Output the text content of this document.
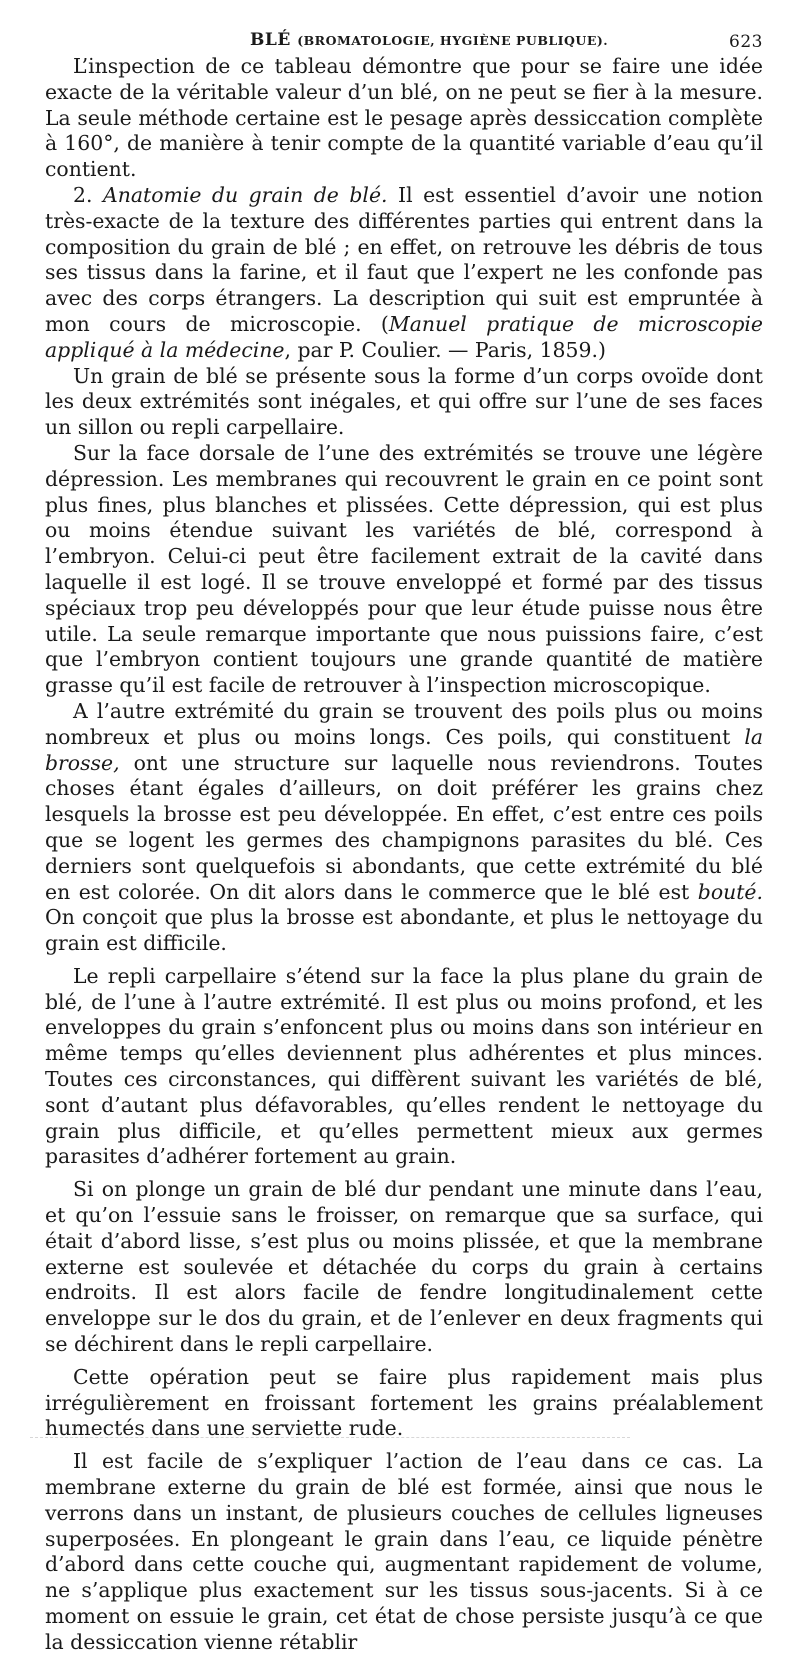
BLÉ (BROMATOLOGIE, HYGIÈNE PUBLIQUE).	623

L’inspection de ce tableau démontre que pour se faire une idée exacte de la véritable valeur d’un blé, on ne peut se fier à la mesure. La seule méthode certaine est le pesage après dessiccation complète à 160°, de manière à tenir compte de la quantité variable d’eau qu’il contient.

2. Anatomie du grain de blé. Il est essentiel d’avoir une notion très-exacte de la texture des différentes parties qui entrent dans la composition du grain de blé ; en effet, on retrouve les débris de tous ses tissus dans la farine, et il faut que l’expert ne les confonde pas avec des corps étrangers. La description qui suit est empruntée à mon cours de microscopie. (Manuel pratique de microscopie appliqué à la médecine, par P. Coulier. — Paris, 1859.)

Un grain de blé se présente sous la forme d’un corps ovoïde dont les deux extrémités sont inégales, et qui offre sur l’une de ses faces un sillon ou repli carpellaire.

Sur la face dorsale de l’une des extrémités se trouve une légère dépression. Les membranes qui recouvrent le grain en ce point sont plus fines, plus blanches et plissées. Cette dépression, qui est plus ou moins étendue suivant les variétés de blé, correspond à l’embryon. Celui-ci peut être facilement extrait de la cavité dans laquelle il est logé. Il se trouve enveloppé et formé par des tissus spéciaux trop peu développés pour que leur étude puisse nous être utile. La seule remarque importante que nous puissions faire, c’est que l’embryon contient toujours une grande quantité de matière grasse qu’il est facile de retrouver à l’inspection microscopique.

A l’autre extrémité du grain se trouvent des poils plus ou moins nombreux et plus ou moins longs. Ces poils, qui constituent la brosse, ont une structure sur laquelle nous reviendrons. Toutes choses étant égales d’ailleurs, on doit préférer les grains chez lesquels la brosse est peu développée. En effet, c’est entre ces poils que se logent les germes des champignons parasites du blé. Ces derniers sont quelquefois si abondants, que cette extrémité du blé en est colorée. On dit alors dans le commerce que le blé est bouté. On conçoit que plus la brosse est abondante, et plus le nettoyage du grain est difficile.

Le repli carpellaire s’étend sur la face la plus plane du grain de blé, de l’une à l’autre extrémité. Il est plus ou moins profond, et les enveloppes du grain s’enfoncent plus ou moins dans son intérieur en même temps qu’elles deviennent plus adhérentes et plus minces. Toutes ces circonstances, qui diffèrent suivant les variétés de blé, sont d’autant plus défavorables, qu’elles rendent le nettoyage du grain plus difficile, et qu’elles permettent mieux aux germes parasites d’adhérer fortement au grain.

Si on plonge un grain de blé dur pendant une minute dans l’eau, et qu’on l’essuie sans le froisser, on remarque que sa surface, qui était d’abord lisse, s’est plus ou moins plissée, et que la membrane externe est soulevée et détachée du corps du grain à certains endroits. Il est alors facile de fendre longitudinalement cette enveloppe sur le dos du grain, et de l’enlever en deux fragments qui se déchirent dans le repli carpellaire.

Cette opération peut se faire plus rapidement mais plus irrégulièrement en froissant fortement les grains préalablement humectés dans une serviette rude.

Il est facile de s’expliquer l’action de l’eau dans ce cas. La membrane externe du grain de blé est formée, ainsi que nous le verrons dans un instant, de plusieurs couches de cellules ligneuses superposées. En plongeant le grain dans l’eau, ce liquide pénètre d’abord dans cette couche qui, augmentant rapidement de volume, ne s’applique plus exactement sur les tissus sous-jacents. Si à ce moment on essuie le grain, cet état de chose persiste jusqu’à ce que la dessiccation vienne rétablir
